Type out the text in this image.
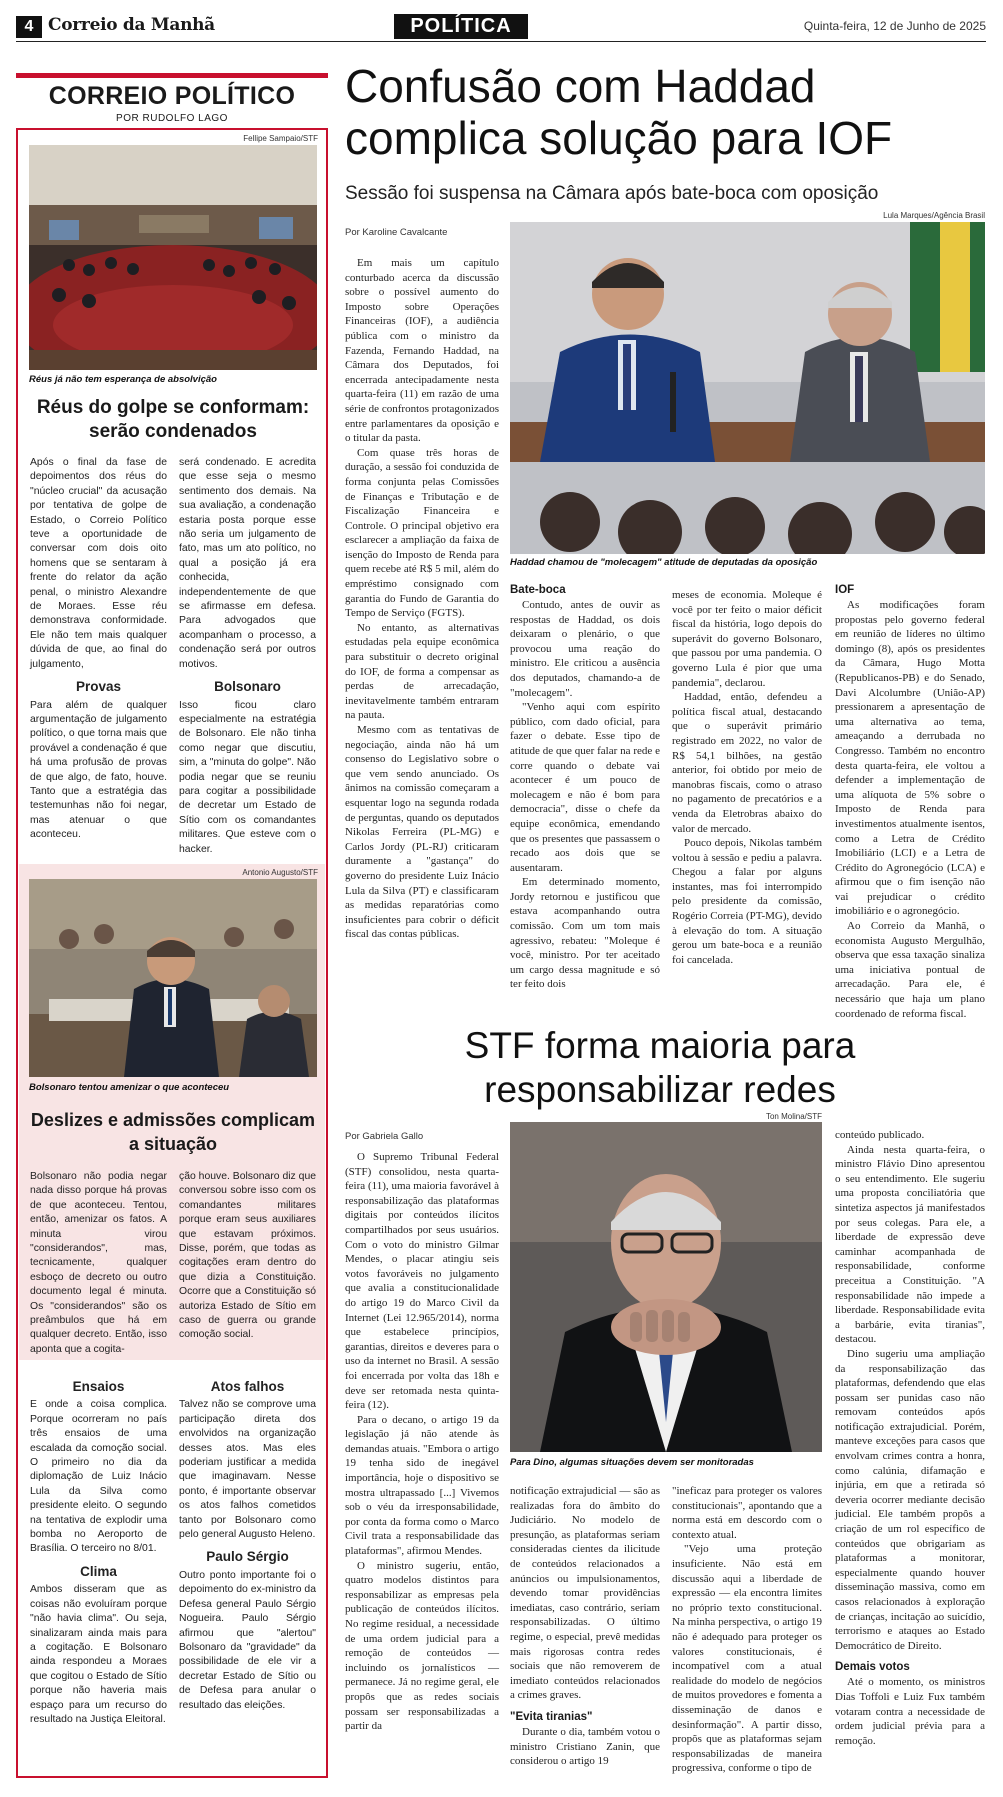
4 Correio da Manhã	POLÍTICA	Quinta-feira, 12 de Junho de 2025
CORREIO POLÍTICO
POR RUDOLFO LAGO
Fellipe Sampaio/STF
Réus já não tem esperança de absolvição
Réus do golpe se conformam: serão condenados

Após o final da fase de depoimentos dos réus do "núcleo crucial" da acusação por tentativa de golpe de Estado, o Correio Político teve a oportunidade de conversar com dois oito homens que se sentaram à frente do relator da ação penal, o ministro Alexandre de Moraes. Esse réu demonstrava conformidade. Ele não tem mais qualquer dúvida de que, ao final do julgamento,

Provas

Para além de qualquer argumentação de julgamento político, o que torna mais que provável a condenação é que há uma profusão de provas de que algo, de fato, houve. Tanto que a estratégia das testemunhas não foi negar, mas atenuar o que aconteceu.

será condenado. E acredita que esse seja o mesmo sentimento dos demais. Na sua avaliação, a condenação estaria posta porque esse não seria um julgamento de fato, mas um ato político, no qual a posição já era conhecida, independentemente de que se afirmasse em defesa. Para advogados que acompanham o processo, a condenação será por outros motivos.

Bolsonaro

Isso ficou claro especialmente na estratégia de Bolsonaro. Ele não tinha como negar que discutiu, sim, a "minuta do golpe". Não podia negar que se reuniu para cogitar a possibilidade de decretar um Estado de Sítio com os comandantes militares. Que esteve com o hacker.

Antonio Augusto/STF
Bolsonaro tentou amenizar o que aconteceu
Deslizes e admissões complicam a situação

Bolsonaro não podia negar nada disso porque há provas de que aconteceu. Tentou, então, amenizar os fatos. A minuta virou "considerandos", mas, tecnicamente, qualquer esboço de decreto ou outro documento legal é minuta. Os "considerandos" são os preâmbulos que há em qualquer decreto. Então, isso aponta que a cogita-

ção houve. Bolsonaro diz que conversou sobre isso com os comandantes militares porque eram seus auxiliares que estavam próximos. Disse, porém, que todas as cogitações eram dentro do que dizia a Constituição. Ocorre que a Constituição só autoriza Estado de Sítio em caso de guerra ou grande comoção social.

Ensaios

E onde a coisa complica. Porque ocorreram no país três ensaios de uma escalada da comoção social. O primeiro no dia da diplomação de Luiz Inácio Lula da Silva como presidente eleito. O segundo na tentativa de explodir uma bomba no Aeroporto de Brasília. O terceiro no 8/01.

Clima

Ambos disseram que as coisas não evoluíram porque "não havia clima". Ou seja, sinalizaram ainda mais para a cogitação. E Bolsonaro ainda respondeu a Moraes que cogitou o Estado de Sítio porque não haveria mais espaço para um recurso do resultado na Justiça Eleitoral.

Atos falhos

Talvez não se comprove uma participação direta dos envolvidos na organização desses atos. Mas eles poderiam justificar a medida que imaginavam. Nesse ponto, é importante observar os atos falhos cometidos tanto por Bolsonaro como pelo general Augusto Heleno.

Paulo Sérgio

Outro ponto importante foi o depoimento do ex-ministro da Defesa general Paulo Sérgio Nogueira. Paulo Sérgio afirmou que "alertou" Bolsonaro da "gravidade" da possibilidade de ele vir a decretar Estado de Sítio ou de Defesa para anular o resultado das eleições.

Confusão com Haddad complica solução para IOF
Sessão foi suspensa na Câmara após bate-boca com oposição
Por Karoline Cavalcante
Lula Marques/Agência Brasil
Haddad chamou de "molecagem" atitude de deputadas da oposição

Em mais um capítulo conturbado acerca da discussão sobre o possível aumento do Imposto sobre Operações Financeiras (IOF), a audiência pública com o ministro da Fazenda, Fernando Haddad, na Câmara dos Deputados, foi encerrada antecipadamente nesta quarta-feira (11) em razão de uma série de confrontos protagonizados entre parlamentares da oposição e o titular da pasta.

Com quase três horas de duração, a sessão foi conduzida de forma conjunta pelas Comissões de Finanças e Tributação e de Fiscalização Financeira e Controle. O principal objetivo era esclarecer a ampliação da faixa de isenção do Imposto de Renda para quem recebe até R$ 5 mil, além do empréstimo consignado com garantia do Fundo de Garantia do Tempo de Serviço (FGTS).

No entanto, as alternativas estudadas pela equipe econômica para substituir o decreto original do IOF, de forma a compensar as perdas de arrecadação, inevitavelmente também entraram na pauta.

Mesmo com as tentativas de negociação, ainda não há um consenso do Legislativo sobre o que vem sendo anunciado. Os ânimos na comissão começaram a esquentar logo na segunda rodada de perguntas, quando os deputados Nikolas Ferreira (PL-MG) e Carlos Jordy (PL-RJ) criticaram duramente a "gastança" do governo do presidente Luiz Inácio Lula da Silva (PT) e classificaram as medidas reparatórias como insuficientes para cobrir o déficit fiscal das contas públicas.

Bate-boca

Contudo, antes de ouvir as respostas de Haddad, os dois deixaram o plenário, o que provocou uma reação do ministro. Ele criticou a ausência dos deputados, chamando-a de "molecagem".

"Venho aqui com espírito público, com dado oficial, para fazer o debate. Esse tipo de atitude de que quer falar na rede e corre quando o debate vai acontecer é um pouco de molecagem e não é bom para democracia", disse o chefe da equipe econômica, emendando que os presentes que passassem o recado aos dois que se ausentaram.

Em determinado momento, Jordy retornou e justificou que estava acompanhando outra comissão. Com um tom mais agressivo, rebateu: "Moleque é você, ministro. Por ter aceitado um cargo dessa magnitude e só ter feito dois

meses de economia. Moleque é você por ter feito o maior déficit fiscal da história, logo depois do superávit do governo Bolsonaro, que passou por uma pandemia. O governo Lula é pior que uma pandemia", declarou.

Haddad, então, defendeu a política fiscal atual, destacando que o superávit primário registrado em 2022, no valor de R$ 54,1 bilhões, na gestão anterior, foi obtido por meio de manobras fiscais, como o atraso no pagamento de precatórios e a venda da Eletrobras abaixo do valor de mercado.

Pouco depois, Nikolas também voltou à sessão e pediu a palavra. Chegou a falar por alguns instantes, mas foi interrompido pelo presidente da comissão, Rogério Correia (PT-MG), devido à elevação do tom. A situação gerou um bate-boca e a reunião foi cancelada.

IOF

As modificações foram propostas pelo governo federal em reunião de líderes no último domingo (8), após os presidentes da Câmara, Hugo Motta (Republicanos-PB) e do Senado, Davi Alcolumbre (União-AP) pressionarem a apresentação de uma alternativa ao tema, ameaçando a derrubada no Congresso. Também no encontro desta quarta-feira, ele voltou a defender a implementação de uma alíquota de 5% sobre o Imposto de Renda para investimentos atualmente isentos, como a Letra de Crédito Imobiliário (LCI) e a Letra de Crédito do Agronegócio (LCA) e afirmou que o fim isenção não vai prejudicar o crédito imobiliário e o agronegócio.

Ao Correio da Manhã, o economista Augusto Mergulhão, observa que essa taxação sinaliza uma iniciativa pontual de arrecadação. Para ele, é necessário que haja um plano coordenado de reforma fiscal.

STF forma maioria para responsabilizar redes
Por Gabriela Gallo
Ton Molina/STF
Para Dino, algumas situações devem ser monitoradas

O Supremo Tribunal Federal (STF) consolidou, nesta quarta-feira (11), uma maioria favorável à responsabilização das plataformas digitais por conteúdos ilícitos compartilhados por seus usuários. Com o voto do ministro Gilmar Mendes, o placar atingiu seis votos favoráveis no julgamento que avalia a constitucionalidade do artigo 19 do Marco Civil da Internet (Lei 12.965/2014), norma que estabelece princípios, garantias, direitos e deveres para o uso da internet no Brasil. A sessão foi encerrada por volta das 18h e deve ser retomada nesta quinta-feira (12).

Para o decano, o artigo 19 da legislação já não atende às demandas atuais. "Embora o artigo 19 tenha sido de inegável importância, hoje o dispositivo se mostra ultrapassado [...] Vivemos sob o véu da irresponsabilidade, por conta da forma como o Marco Civil trata a responsabilidade das plataformas", afirmou Mendes.

O ministro sugeriu, então, quatro modelos distintos para responsabilizar as empresas pela publicação de conteúdos ilícitos. No regime residual, a necessidade de uma ordem judicial para a remoção de conteúdos — incluindo os jornalísticos — permanece. Já no regime geral, ele propôs que as redes sociais possam ser responsabilizadas a partir da

notificação extrajudicial — são as realizadas fora do âmbito do Judiciário. No modelo de presunção, as plataformas seriam consideradas cientes da ilicitude de conteúdos relacionados a anúncios ou impulsionamentos, devendo tomar providências imediatas, caso contrário, seriam responsabilizadas. O último regime, o especial, prevê medidas mais rigorosas contra redes sociais que não removerem de imediato conteúdos relacionados a crimes graves.

"Evita tiranias"

Durante o dia, também votou o ministro Cristiano Zanin, que considerou o artigo 19

"ineficaz para proteger os valores constitucionais", apontando que a norma está em descordo com o contexto atual.

"Vejo uma proteção insuficiente. Não está em discussão aqui a liberdade de expressão — ela encontra limites no próprio texto constitucional. Na minha perspectiva, o artigo 19 não é adequado para proteger os valores constitucionais, é incompatível com a atual realidade do modelo de negócios de muitos provedores e fomenta a disseminação de danos e desinformação". A partir disso, propõs que as plataformas sejam responsabilizadas de maneira progressiva, conforme o tipo de

conteúdo publicado.

Ainda nesta quarta-feira, o ministro Flávio Dino apresentou o seu entendimento. Ele sugeriu uma proposta conciliatória que sintetiza aspectos já manifestados por seus colegas. Para ele, a liberdade de expressão deve caminhar acompanhada de responsabilidade, conforme preceitua a Constituição. "A responsabilidade não impede a liberdade. Responsabilidade evita a barbárie, evita tiranias", destacou.

Dino sugeriu uma ampliação da responsabilização das plataformas, defendendo que elas possam ser punidas caso não removam conteúdos após notificação extrajudicial. Porém, manteve exceções para casos que envolvam crimes contra a honra, como calúnia, difamação e injúria, em que a retirada só deveria ocorrer mediante decisão judicial. Ele também propôs a criação de um rol específico de conteúdos que obrigariam as plataformas a monitorar, especialmente quando houver disseminação massiva, como em casos relacionados à exploração de crianças, incitação ao suicídio, terrorismo e ataques ao Estado Democrático de Direito.

Demais votos

Até o momento, os ministros Dias Toffoli e Luiz Fux também votaram contra a necessidade de ordem judicial prévia para a remoção.
